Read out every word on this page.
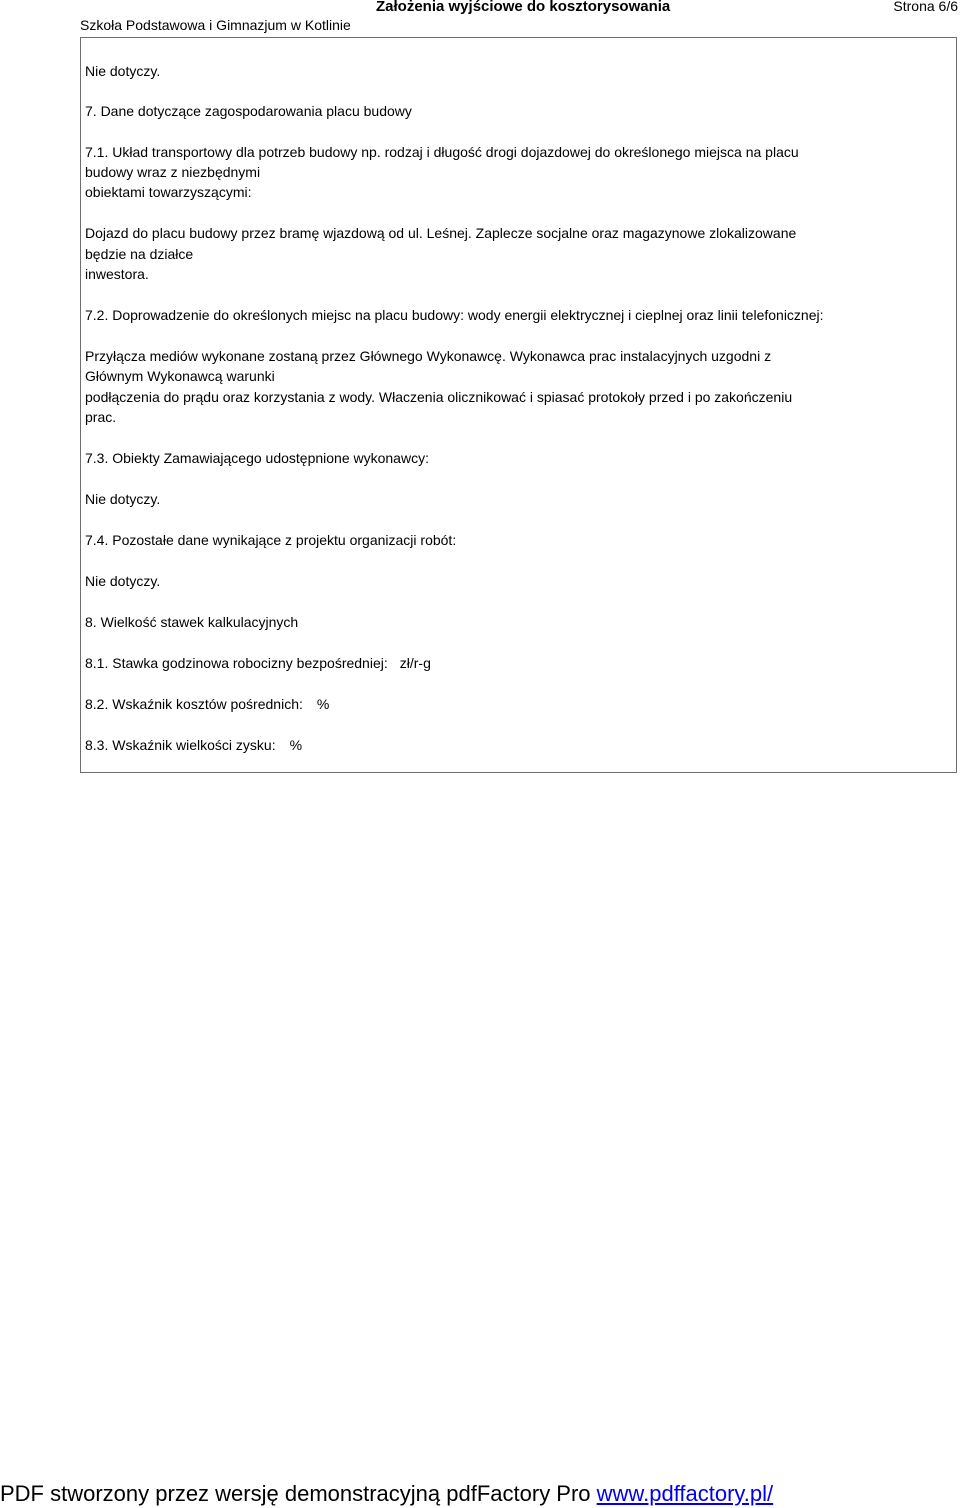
Szkoła Podstawowa i Gimnazjum w Kotlinie
Założenia wyjściowe do kosztorysowania	Strona 6/6
Nie dotyczy.
7. Dane dotyczące zagospodarowania placu budowy
7.1. Układ transportowy dla potrzeb budowy np. rodzaj i długość drogi dojazdowej do określonego miejsca na placu
budowy wraz z niezbędnymi
obiektami towarzyszącymi:
Dojazd do placu budowy przez bramę wjazdową od ul. Leśnej. Zaplecze socjalne oraz magazynowe zlokalizowane
będzie na działce
inwestora.
7.2. Doprowadzenie do określonych miejsc na placu budowy: wody energii elektrycznej i cieplnej oraz linii telefonicznej:
Przyłącza mediów wykonane zostaną przez Głównego Wykonawcę. Wykonawca prac instalacyjnych uzgodni z
Głównym Wykonawcą warunki
podłączenia do prądu oraz korzystania z wody. Właczenia olicznikować i spiasać protokoły przed i po zakończeniu
prac.
7.3. Obiekty Zamawiającego udostępnione wykonawcy:
Nie dotyczy.
7.4. Pozostałe dane wynikające z projektu organizacji robót:
Nie dotyczy.
8. Wielkość stawek kalkulacyjnych
8.1. Stawka godzinowa robocizny bezpośredniej: zł/r-g
8.2. Wskaźnik kosztów pośrednich: %
8.3. Wskaźnik wielkości zysku: %
PDF stworzony przez wersję demonstracyjną pdfFactory Pro www.pdffactory.pl/
